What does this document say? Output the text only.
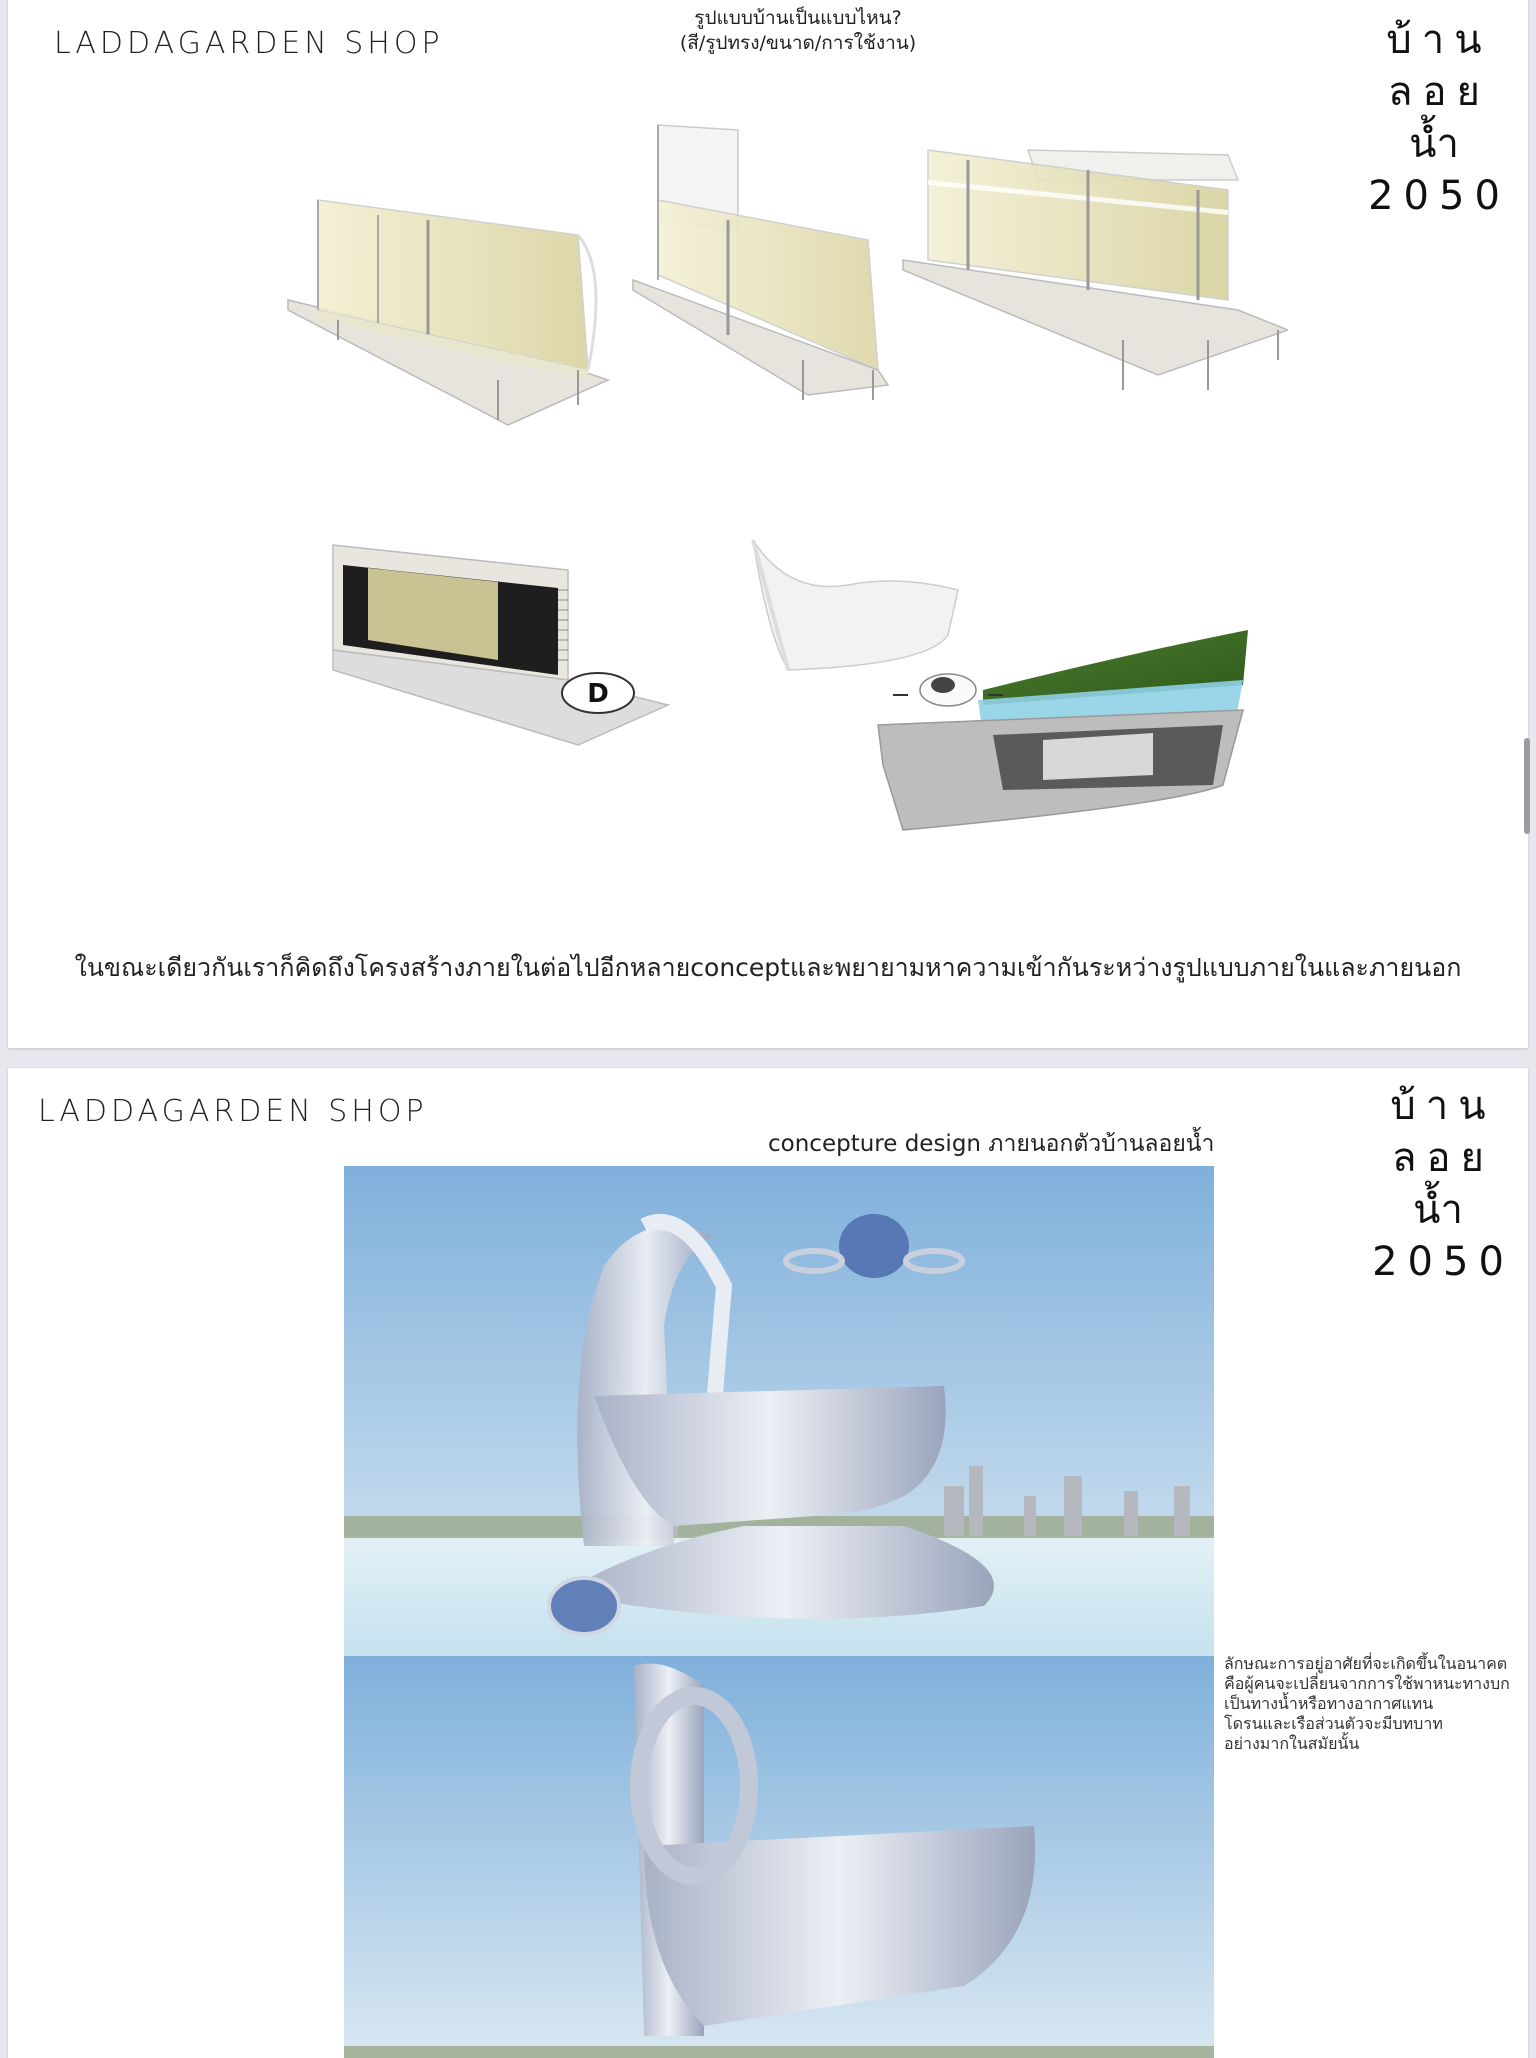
LADDAGARDEN SHOP
รูปแบบบ้านเป็นแบบไหน?
(สี/รูปทรง/ขนาด/การใช้งาน)	บ้าน
ลอย
น้ำ
2050
D
ในขณะเดียวกันเราก็คิดถึงโครงสร้างภายในต่อไปอีกหลายconceptและพยายามหาความเข้ากันระหว่างรูปแบบภายในและภายนอก
LADDAGARDEN SHOP	บ้าน
ลอย
น้ำ
2050
concepture design ภายนอกตัวบ้านลอยน้ำ
ลักษณะการอยู่อาศัยที่จะเกิดขึ้นในอนาคต
คือผู้คนจะเปลี่ยนจากการใช้พาหนะทางบก
เป็นทางน้ำหรือทางอากาศแทน
โดรนและเรือส่วนตัวจะมีบทบาท
อย่างมากในสมัยนั้น
